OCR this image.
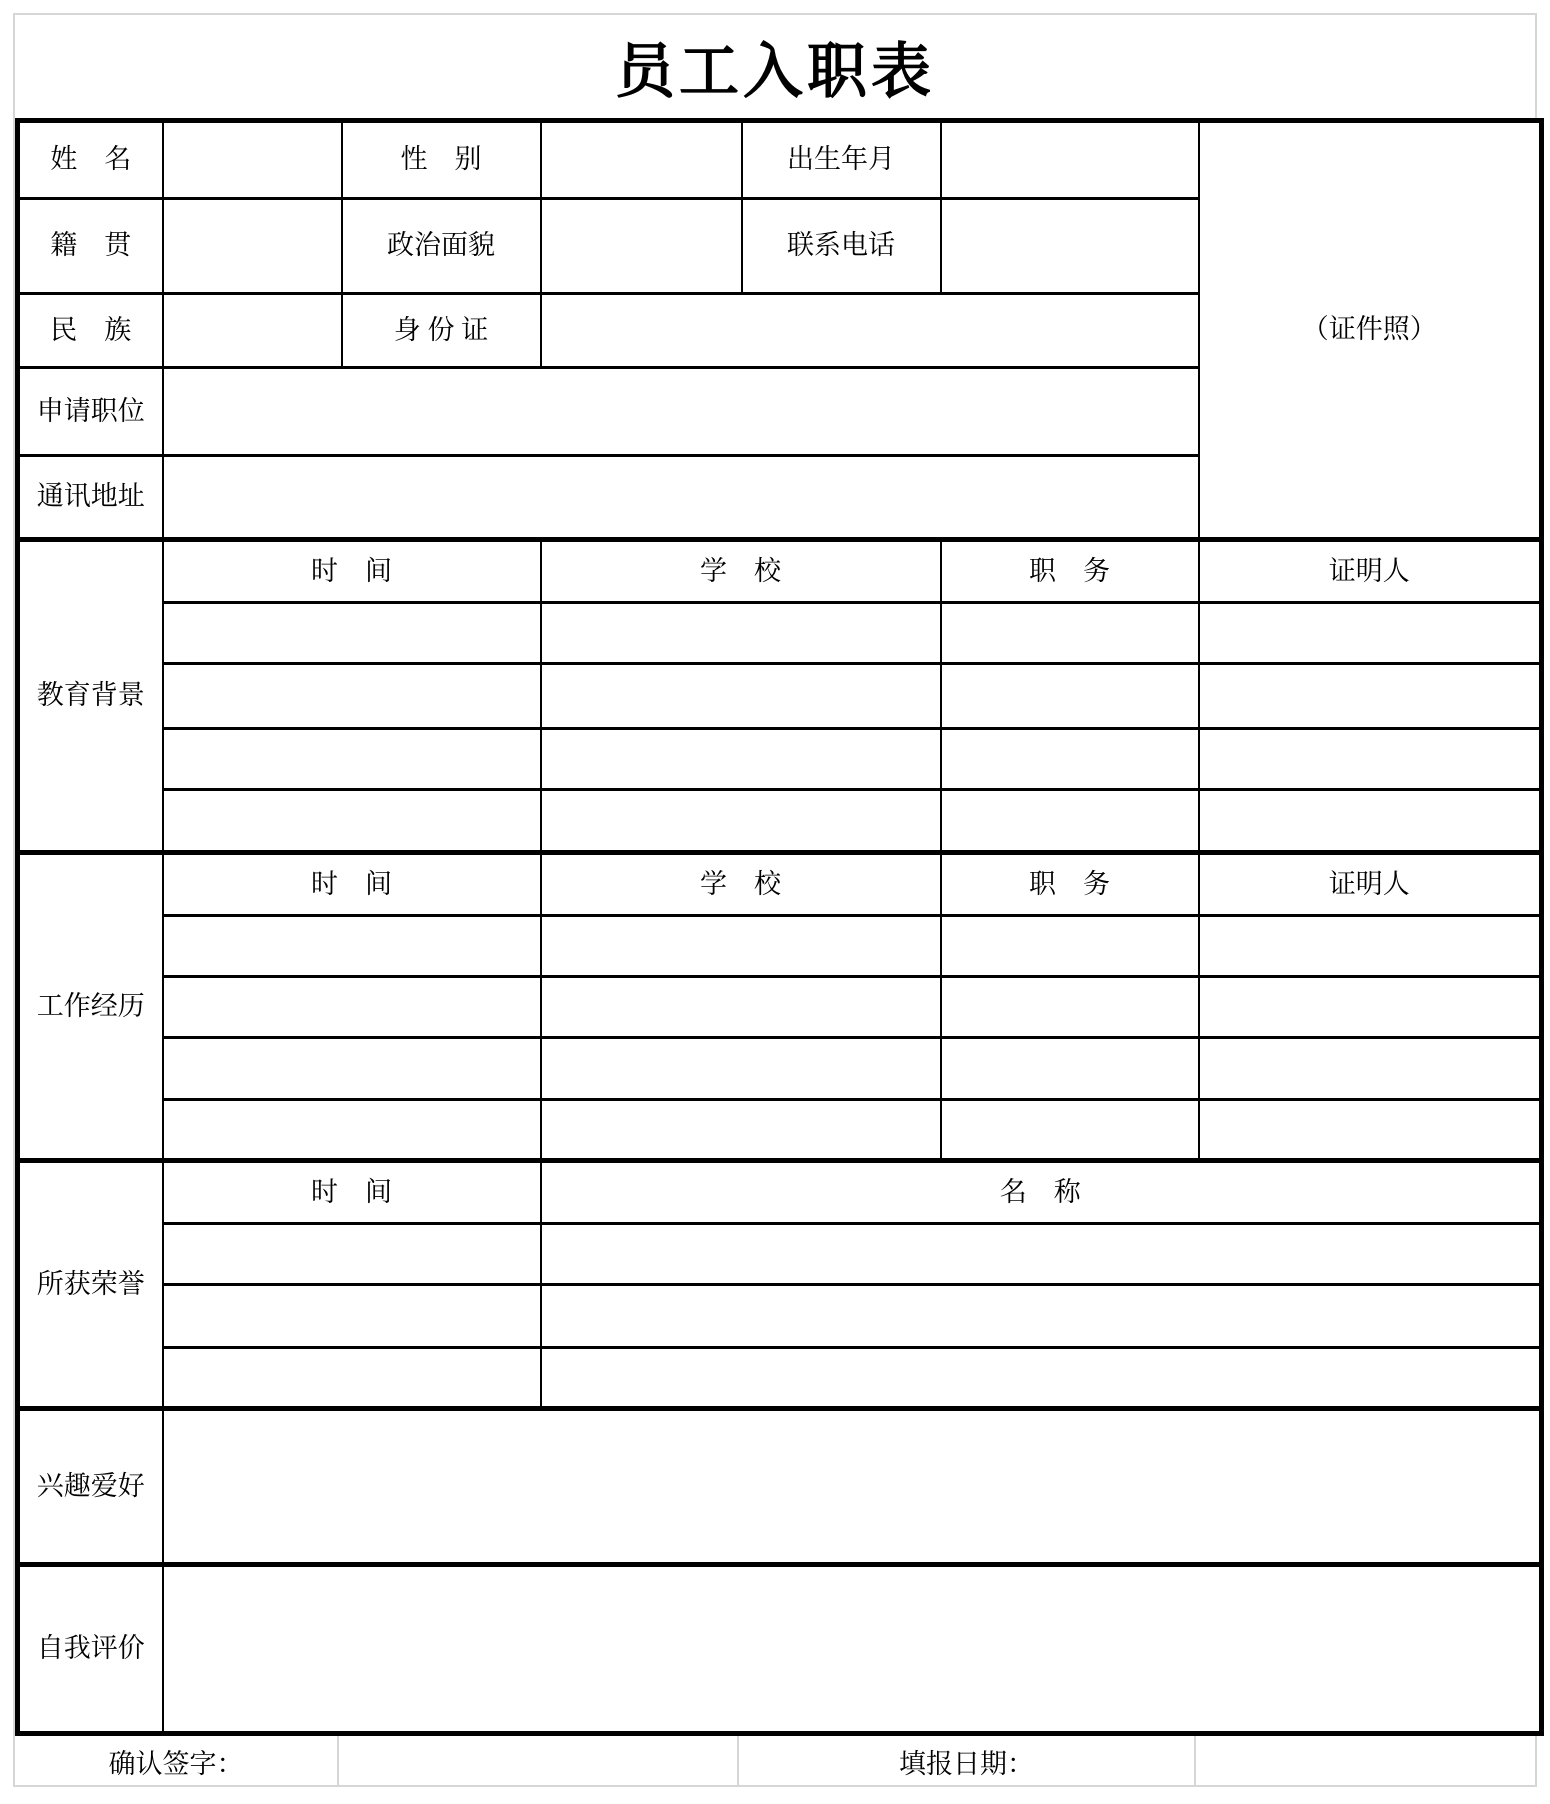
员工入职表
姓　名		性　别		出生年月		（证件照）
籍　贯		政治面貌		联系电话		
民　族		身 份 证				
申请职位						
通讯地址						
教育背景	时　间		学　校		职　务	证明人

工作经历	时　间		学　校		职　务	证明人

所获荣誉	时　间		名　称			

兴趣爱好						
自我评价						
确认签字：	填报日期：
